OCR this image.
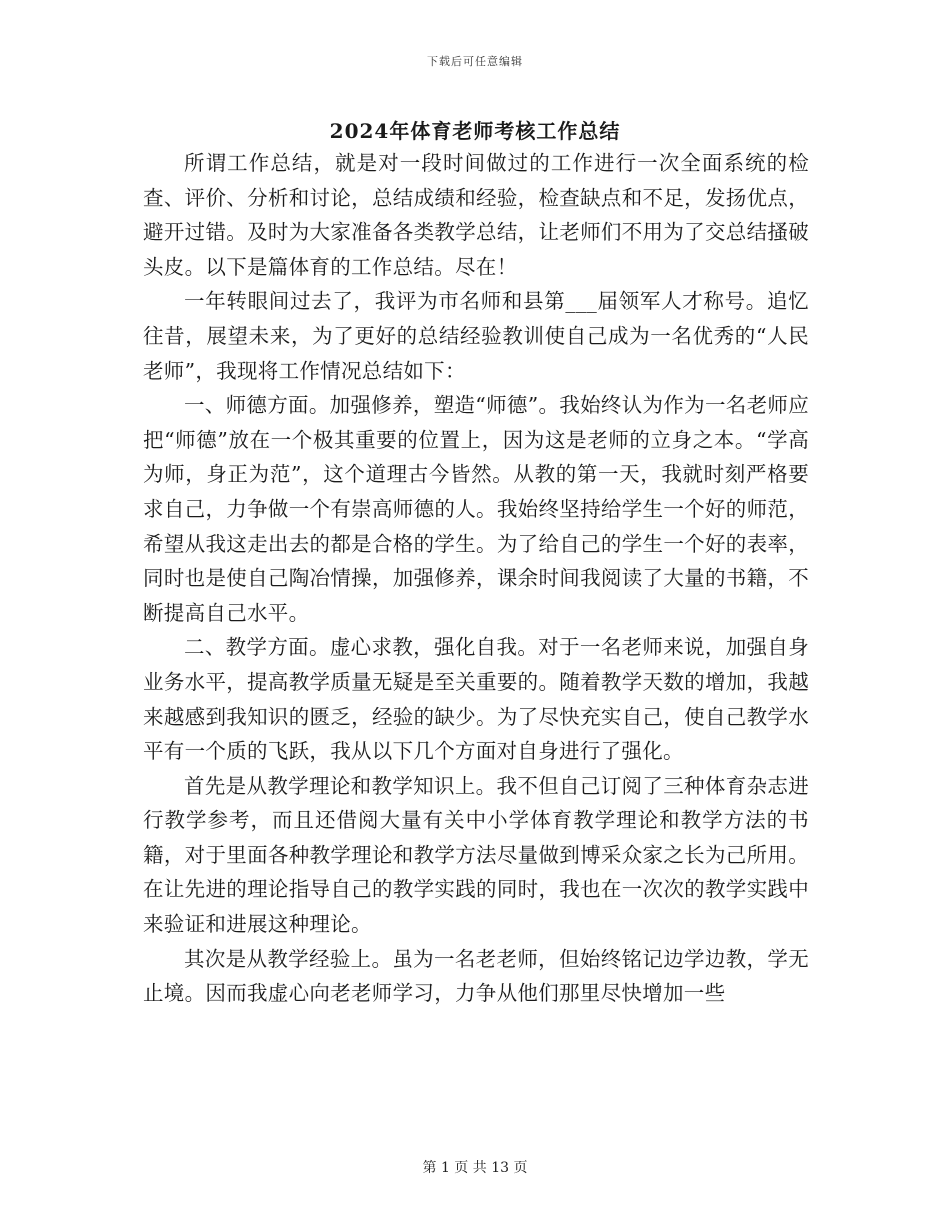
下载后可任意编辑
2024年体育老师考核工作总结

所谓工作总结，就是对一段时间做过的工作进行一次全面系统的检查、评价、分析和讨论，总结成绩和经验，检查缺点和不足，发扬优点，避开过错。及时为大家准备各类教学总结，让老师们不用为了交总结搔破头皮。以下是篇体育的工作总结。尽在！

一年转眼间过去了，我评为市名师和县第___届领军人才称号。追忆往昔，展望未来，为了更好的总结经验教训使自己成为一名优秀的“人民老师”，我现将工作情况总结如下：

一、师德方面。加强修养，塑造“师德”。我始终认为作为一名老师应把“师德”放在一个极其重要的位置上，因为这是老师的立身之本。“学高为师，身正为范”，这个道理古今皆然。从教的第一天，我就时刻严格要求自己，力争做一个有崇高师德的人。我始终坚持给学生一个好的师范，希望从我这走出去的都是合格的学生。为了给自己的学生一个好的表率，同时也是使自己陶冶情操，加强修养，课余时间我阅读了大量的书籍，不断提高自己水平。

二、教学方面。虚心求教，强化自我。对于一名老师来说，加强自身业务水平，提高教学质量无疑是至关重要的。随着教学天数的增加，我越来越感到我知识的匮乏，经验的缺少。为了尽快充实自己，使自己教学水平有一个质的飞跃，我从以下几个方面对自身进行了强化。

首先是从教学理论和教学知识上。我不但自己订阅了三种体育杂志进行教学参考，而且还借阅大量有关中小学体育教学理论和教学方法的书籍，对于里面各种教学理论和教学方法尽量做到博采众家之长为己所用。在让先进的理论指导自己的教学实践的同时，我也在一次次的教学实践中来验证和进展这种理论。

其次是从教学经验上。虽为一名老老师，但始终铭记边学边教，学无止境。因而我虚心向老老师学习，力争从他们那里尽快增加一些

第 1 页 共 13 页
